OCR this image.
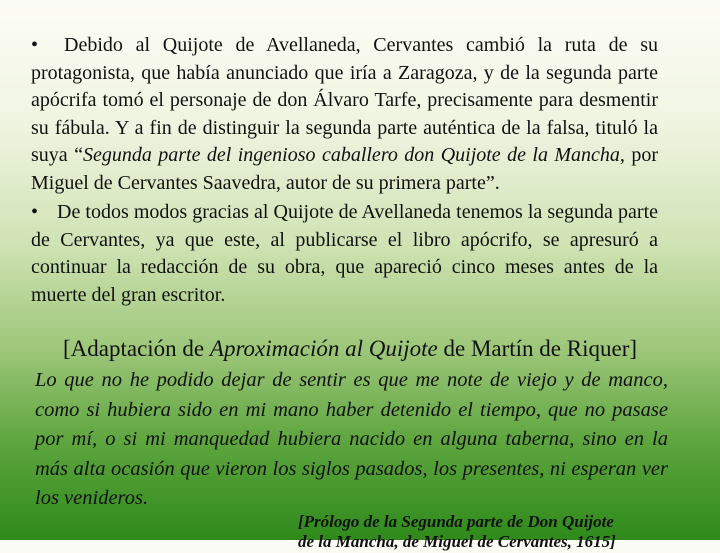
• Debido al Quijote de Avellaneda, Cervantes cambió la ruta de su protagonista, que había anunciado que iría a Zaragoza, y de la segunda parte apócrifa tomó el personaje de don Álvaro Tarfe, precisamente para desmentir su fábula. Y a fin de distinguir la segunda parte auténtica de la falsa, tituló la suya “Segunda parte del ingenioso caballero don Quijote de la Mancha, por Miguel de Cervantes Saavedra, autor de su primera parte”.

• De todos modos gracias al Quijote de Avellaneda tenemos la segunda parte de Cervantes, ya que este, al publicarse el libro apócrifo, se apresuró a continuar la redacción de su obra, que apareció cinco meses antes de la muerte del gran escritor.

[Adaptación de Aproximación al Quijote de Martín de Riquer]

Lo que no he podido dejar de sentir es que me note de viejo y de manco, como si hubiera sido en mi mano haber detenido el tiempo, que no pasase por mí, o si mi manquedad hubiera nacido en alguna taberna, sino en la más alta ocasión que vieron los siglos pasados, los presentes, ni esperan ver los venideros.

[Prólogo de la Segunda parte de Don Quijote
de la Mancha, de Miguel de Cervantes, 1615]
